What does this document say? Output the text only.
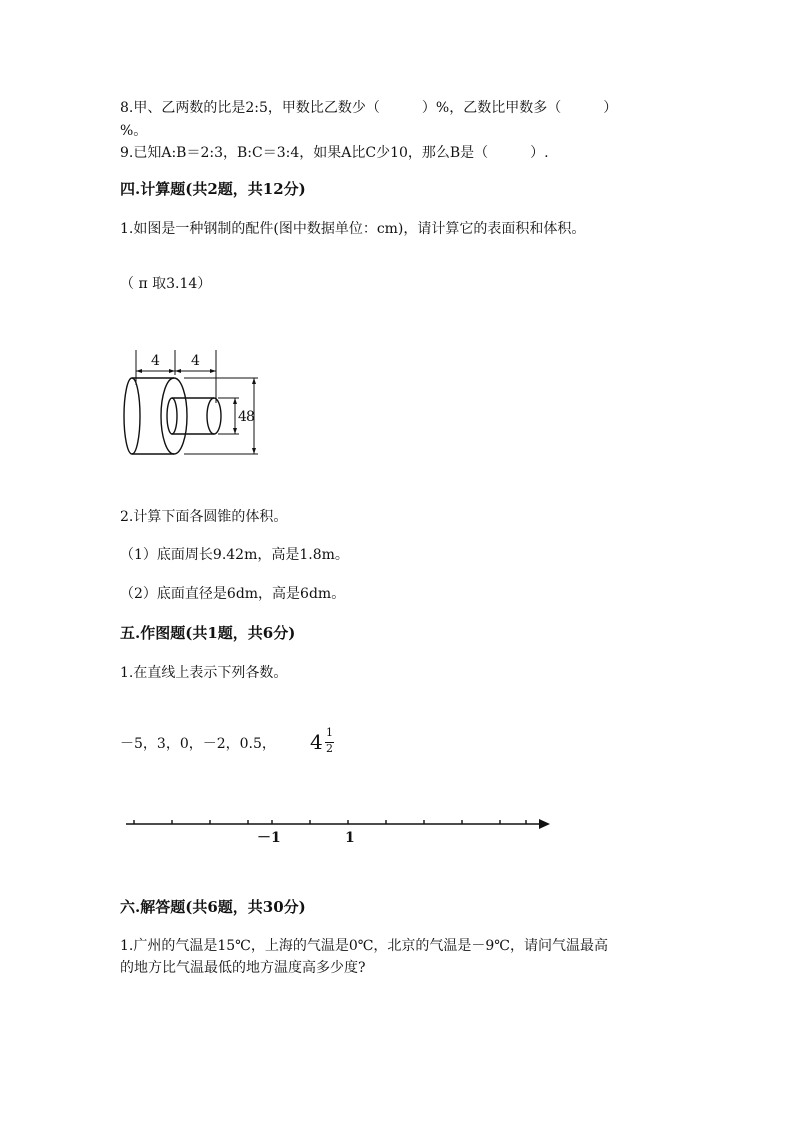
8.甲、乙两数的比是2:5，甲数比乙数少（　　　）%，乙数比甲数多（　　　）
%。
9.已知A:B＝2:3，B:C＝3:4，如果A比C少10，那么B是（　　　）.
四.计算题(共2题，共12分)
1.如图是一种钢制的配件(图中数据单位：cm)，请计算它的表面积和体积。
（ π 取3.14）
4 4
4 8
2.计算下面各圆锥的体积。
（1）底面周长9.42m，高是1.8m。
（2）底面直径是6dm，高是6dm。
五.作图题(共1题，共6分)
1.在直线上表示下列各数。
－5，3，0，－2，0.5， 4 1
2
－1	1
六.解答题(共6题，共30分)
1.广州的气温是15℃，上海的气温是0℃，北京的气温是－9℃，请问气温最高
的地方比气温最低的地方温度高多少度?
